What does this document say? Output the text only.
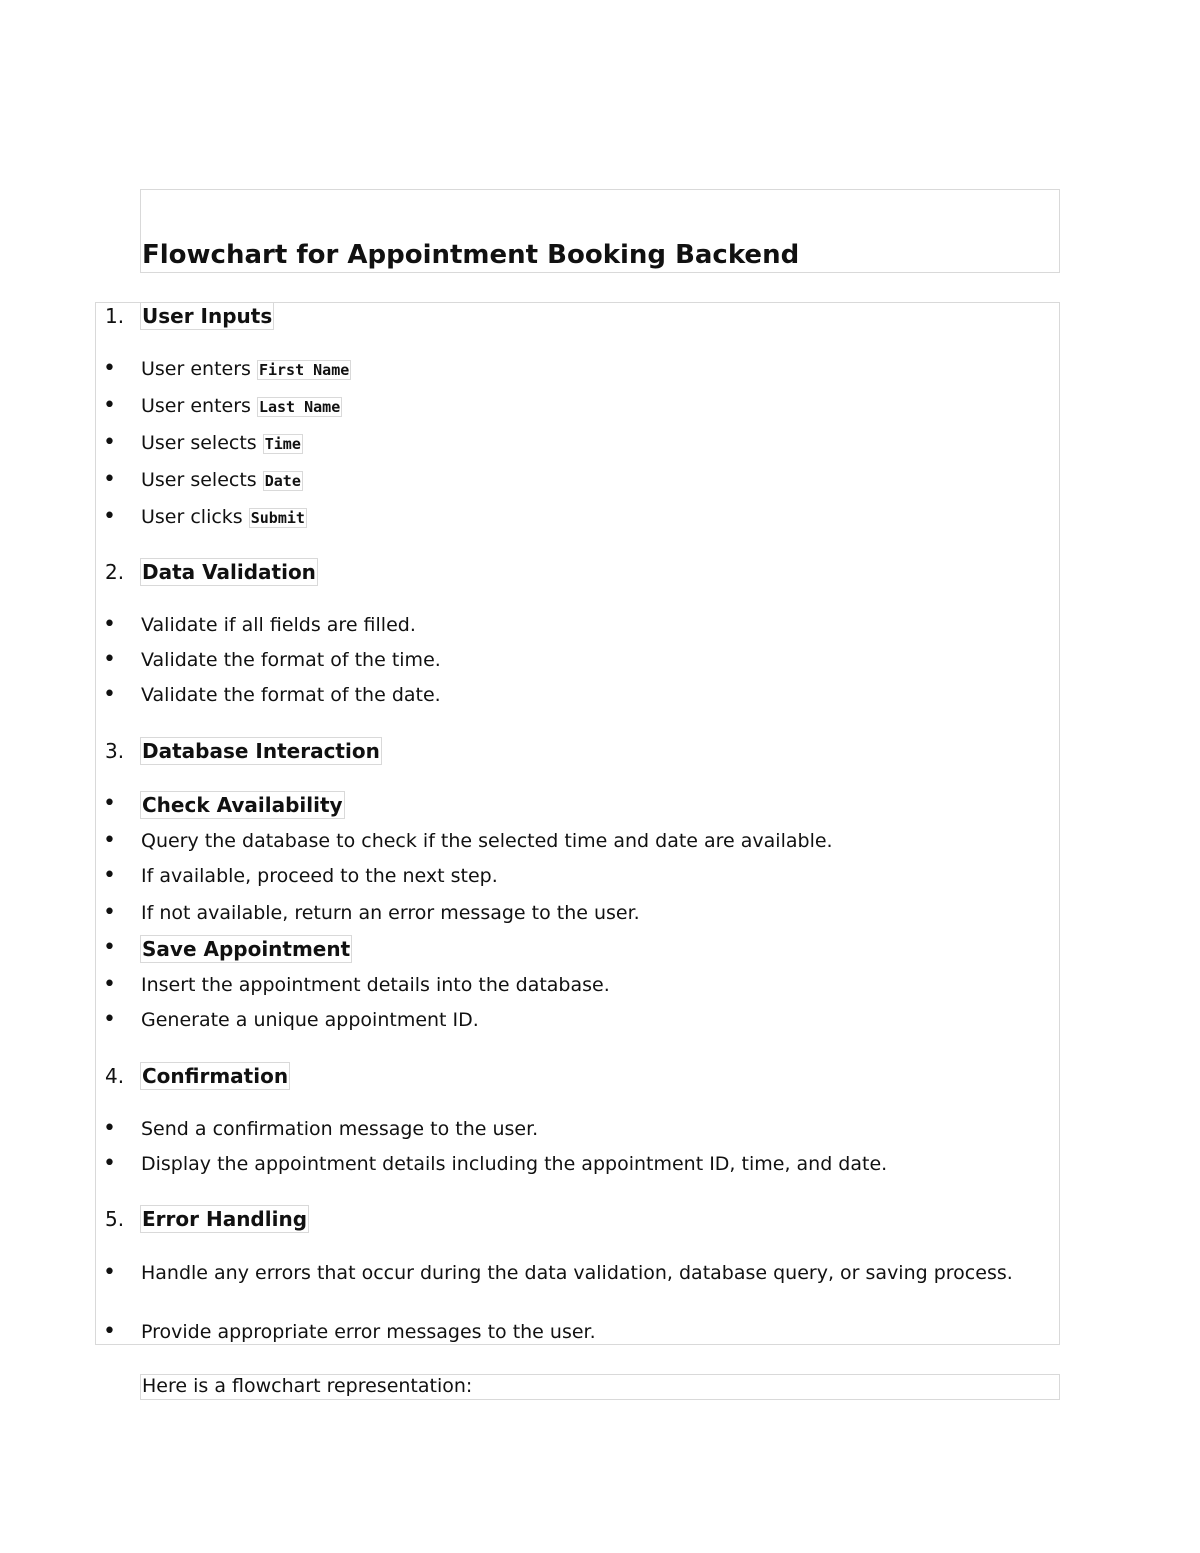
Flowchart for Appointment Booking Backend
1. User Inputs
• User enters First Name
• User enters Last Name
• User selects Time
• User selects Date
• User clicks Submit
2. Data Validation
• Validate if all fields are filled.
• Validate the format of the time.
• Validate the format of the date.
3. Database Interaction
• Check Availability
• Query the database to check if the selected time and date are available.
• If available, proceed to the next step.
• If not available, return an error message to the user.
• Save Appointment
• Insert the appointment details into the database.
• Generate a unique appointment ID.
4. Confirmation
• Send a confirmation message to the user.
• Display the appointment details including the appointment ID, time, and date.
5. Error Handling
• Handle any errors that occur during the data validation, database query, or saving process.
• Provide appropriate error messages to the user.
Here is a flowchart representation:
